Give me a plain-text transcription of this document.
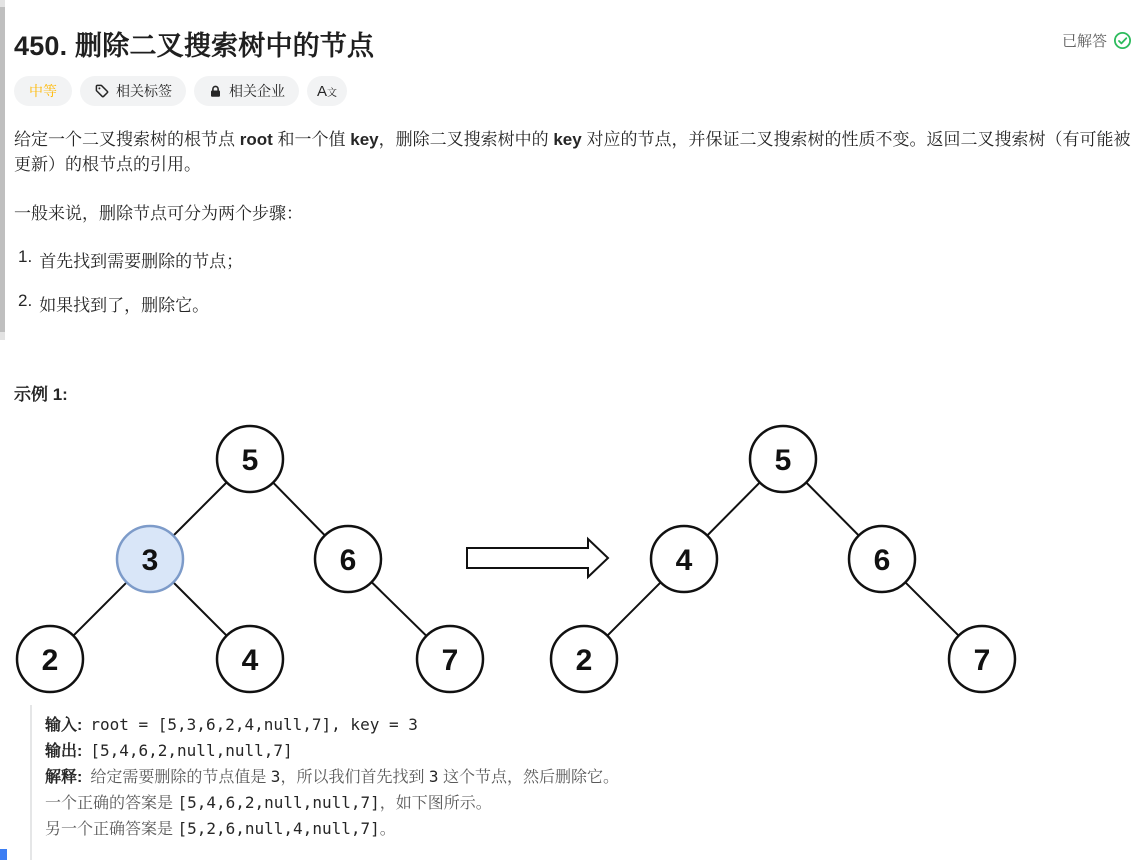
450. 删除二叉搜索树中的节点	已解答
中等	相关标签	相关企业 A文
给定一个二叉搜索树的根节点 root 和一个值 key，删除二叉搜索树中的 key 对应的节点，并保证二叉搜索树的性质不变。返回二叉搜索树（有可能被更新）的根节点的引用。
一般来说，删除节点可分为两个步骤：
1. 首先找到需要删除的节点；
2. 如果找到了，删除它。
示例 1:
5
3	6
2	4	7
5
4	6
2	7
输入: root = [5,3,6,2,4,null,7], key = 3
输出: [5,4,6,2,null,null,7]
解释: 给定需要删除的节点值是 3，所以我们首先找到 3 这个节点，然后删除它。
一个正确的答案是 [5,4,6,2,null,null,7]，如下图所示。
另一个正确答案是 [5,2,6,null,4,null,7]。
